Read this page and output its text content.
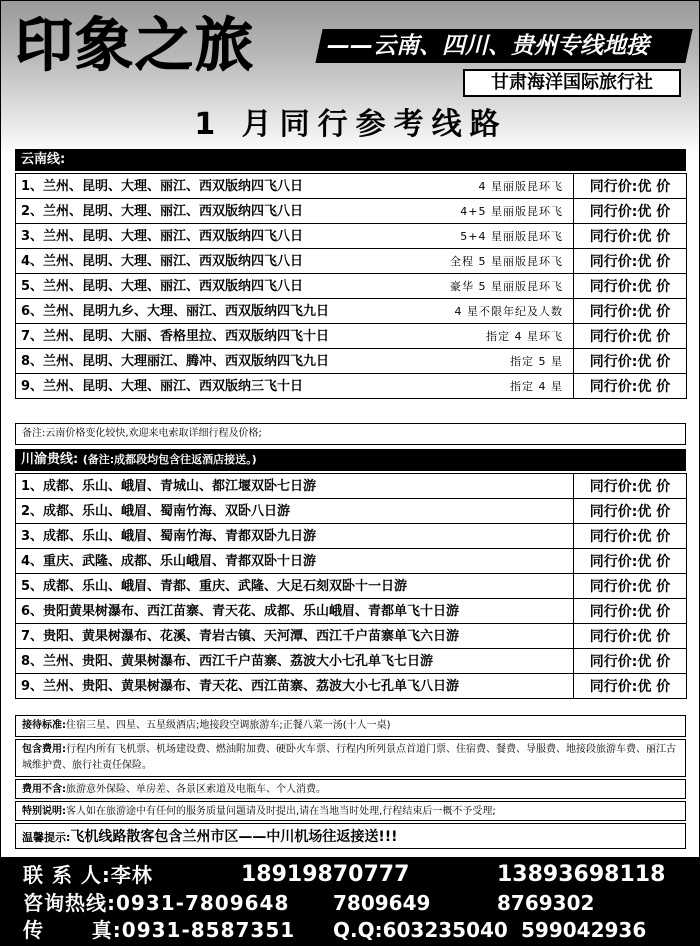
印象之旅	——云南、四川、贵州专线地接
甘肃海洋国际旅行社
1 月同行参考线路
云南线:
1、兰州、昆明、大理、丽江、西双版纳四飞八日 4 星丽版昆环飞	同行价:优 价

2、兰州、昆明、大理、丽江、西双版纳四飞八日 4+5 星丽版昆环飞	同行价:优 价

3、兰州、昆明、大理、丽江、西双版纳四飞八日 5+4 星丽版昆环飞	同行价:优 价

4、兰州、昆明、大理、丽江、西双版纳四飞八日 全程 5 星丽版昆环飞	同行价:优 价

5、兰州、昆明、大理、丽江、西双版纳四飞八日 豪华 5 星丽版昆环飞	同行价:优 价

6、兰州、昆明九乡、大理、丽江、西双版纳四飞九日 4 星不限年纪及人数	同行价:优 价

7、兰州、昆明、大丽、香格里拉、西双版纳四飞十日 指定 4 星环飞	同行价:优 价

8、兰州、昆明、大理丽江、腾冲、西双版纳四飞九日 指定 5 星	同行价:优 价

9、兰州、昆明、大理、丽江、西双版纳三飞十日 指定 4 星	同行价:优 价
备注:云南价格变化较快,欢迎来电索取详细行程及价格;
川渝贵线: (备注:成都段均包含往返酒店接送。)
1、成都、乐山、峨眉、青城山、都江堰双卧七日游	同行价:优 价

2、成都、乐山、峨眉、蜀南竹海、双卧八日游	同行价:优 价

3、成都、乐山、峨眉、蜀南竹海、青都双卧九日游	同行价:优 价

4、重庆、武隆、成都、乐山峨眉、青都双卧十日游	同行价:优 价

5、成都、乐山、峨眉、青都、重庆、武隆、大足石刻双卧十一日游	同行价:优 价

6、贵阳黄果树瀑布、西江苗寨、青天花、成都、乐山峨眉、青都单飞十日游	同行价:优 价

7、贵阳、黄果树瀑布、花溪、青岩古镇、天河潭、西江千户苗寨单飞六日游	同行价:优 价

8、兰州、贵阳、黄果树瀑布、西江千户苗寨、荔波大小七孔单飞七日游	同行价:优 价

9、兰州、贵阳、黄果树瀑布、青天花、西江苗寨、荔波大小七孔单飞八日游	同行价:优 价
接待标准:住宿三星、四星、五星级酒店;地接段空调旅游车;正餐八菜一汤(十人一桌)
包含费用:行程内所有飞机票、机场建设费、燃油附加费、硬卧火车票、行程内所列景点首道门票、住宿费、餐费、导服费、地接段旅游车费、丽江古城维护费、旅行社责任保险。
费用不含:旅游意外保险、单房差、各景区索道及电瓶车、个人消费。
特别说明:客人如在旅游途中有任何的服务质量问题请及时提出,请在当地当时处理,行程结束后一概不予受理;
温馨提示:飞机线路散客包含兰州市区——中川机场往返接送!!!
联 系 人:李林	18919870777	13893698118
咨询热线:0931-7809648 7809649	8769302
传      真:0931-8587351 Q.Q:603235040 599042936
